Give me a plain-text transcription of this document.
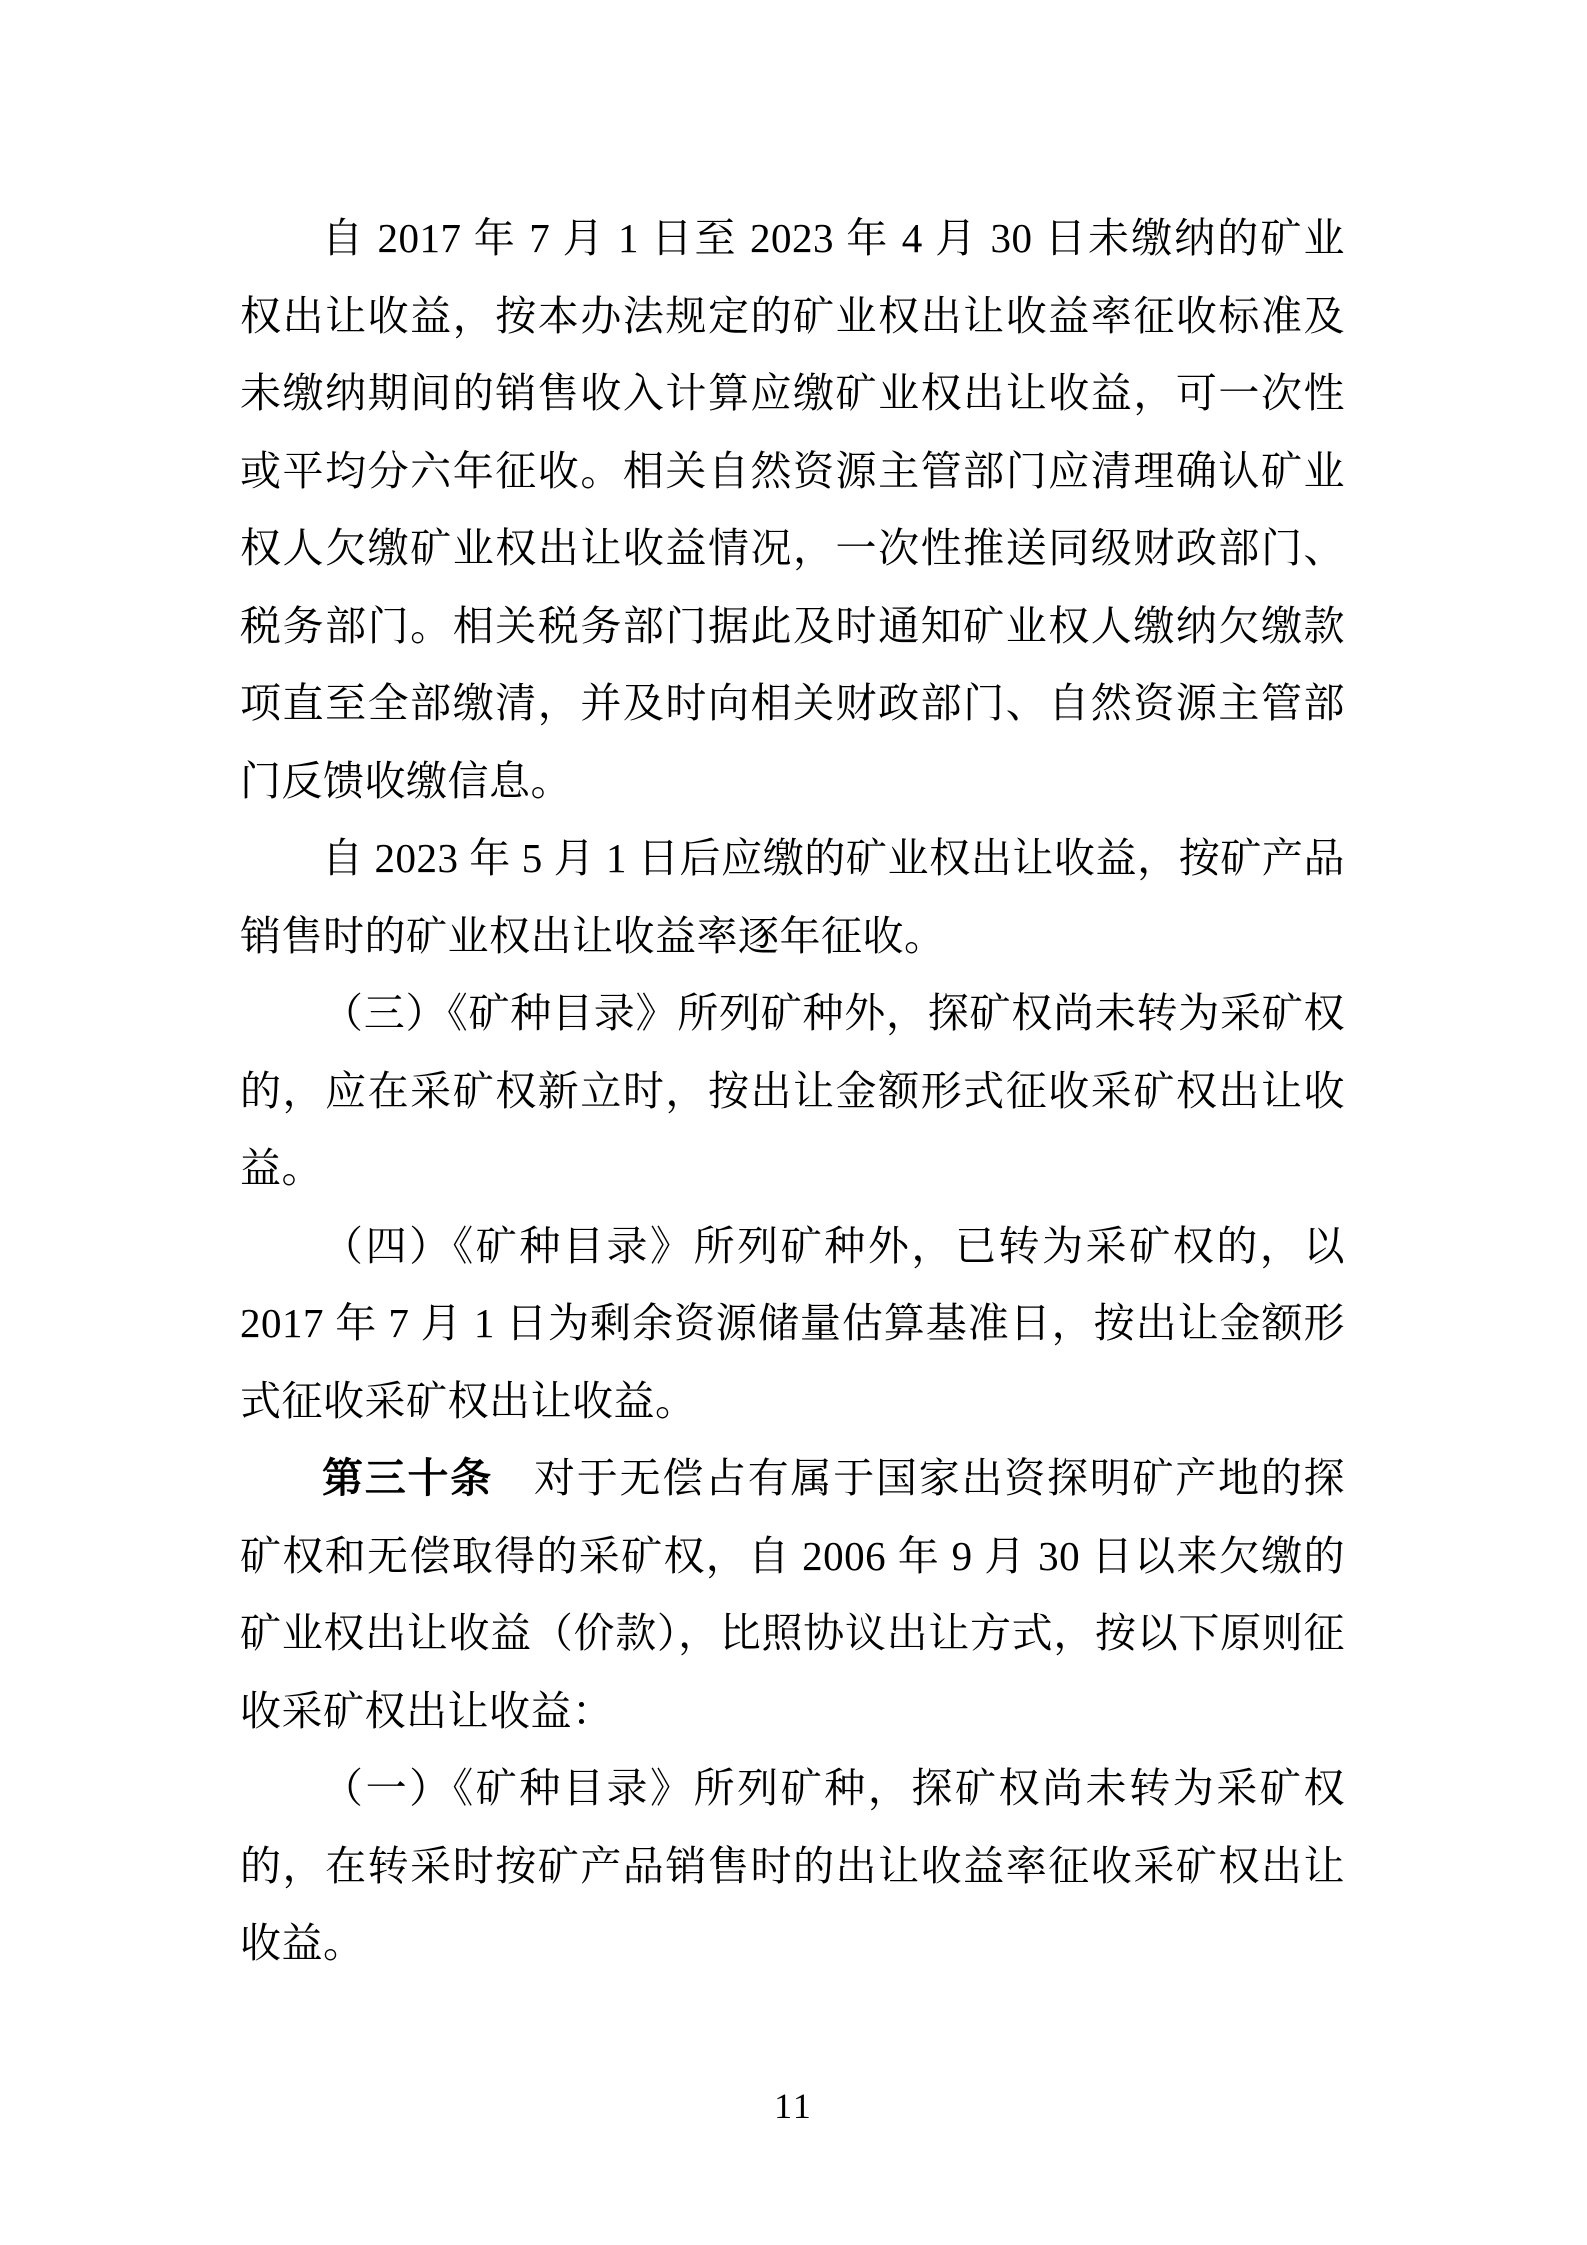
自 2017 年 7 月 1 日至 2023 年 4 月 30 日未缴纳的矿业权出让收益，按本办法规定的矿业权出让收益率征收标准及未缴纳期间的销售收入计算应缴矿业权出让收益，可一次性或平均分六年征收。相关自然资源主管部门应清理确认矿业权人欠缴矿业权出让收益情况，一次性推送同级财政部门、税务部门。相关税务部门据此及时通知矿业权人缴纳欠缴款项直至全部缴清，并及时向相关财政部门、自然资源主管部门反馈收缴信息。

自 2023 年 5 月 1 日后应缴的矿业权出让收益，按矿产品销售时的矿业权出让收益率逐年征收。

（三）《矿种目录》所列矿种外，探矿权尚未转为采矿权的，应在采矿权新立时，按出让金额形式征收采矿权出让收益。

（四）《矿种目录》所列矿种外，已转为采矿权的，以 2017 年 7 月 1 日为剩余资源储量估算基准日，按出让金额形式征收采矿权出让收益。

第三十条 对于无偿占有属于国家出资探明矿产地的探矿权和无偿取得的采矿权，自 2006 年 9 月 30 日以来欠缴的矿业权出让收益（价款），比照协议出让方式，按以下原则征收采矿权出让收益：

（一）《矿种目录》所列矿种，探矿权尚未转为采矿权的，在转采时按矿产品销售时的出让收益率征收采矿权出让收益。

11
